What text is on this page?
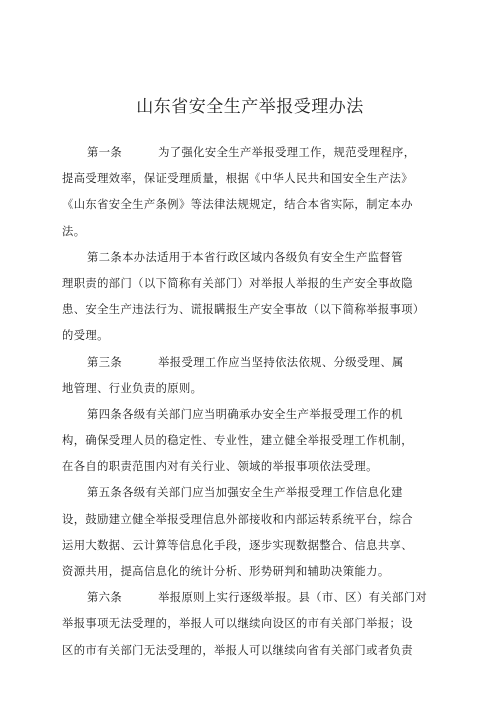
山东省安全生产举报受理办法
第一条	为了强化安全生产举报受理工作，规范受理程序，
提高受理效率，保证受理质量，根据《中华人民共和国安全生产法》
《山东省安全生产条例》等法律法规规定，结合本省实际，制定本办
法。
第二条本办法适用于本省行政区域内各级负有安全生产监督管
理职责的部门（以下简称有关部门）对举报人举报的生产安全事故隐
患、安全生产违法行为、谎报瞒报生产安全事故（以下简称举报事项）
的受理。
第三条	举报受理工作应当坚持依法依规、分级受理、属
地管理、行业负责的原则。
第四条各级有关部门应当明确承办安全生产举报受理工作的机
构，确保受理人员的稳定性、专业性，建立健全举报受理工作机制，
在各自的职责范围内对有关行业、领域的举报事项依法受理。
第五条各级有关部门应当加强安全生产举报受理工作信息化建
设，鼓励建立健全举报受理信息外部接收和内部运转系统平台，综合
运用大数据、云计算等信息化手段，逐步实现数据整合、信息共享、
资源共用，提高信息化的统计分析、形势研判和辅助决策能力。
第六条	举报原则上实行逐级举报。县（市、区）有关部门对
举报事项无法受理的，举报人可以继续向设区的市有关部门举报；设
区的市有关部门无法受理的，举报人可以继续向省有关部门或者负责
